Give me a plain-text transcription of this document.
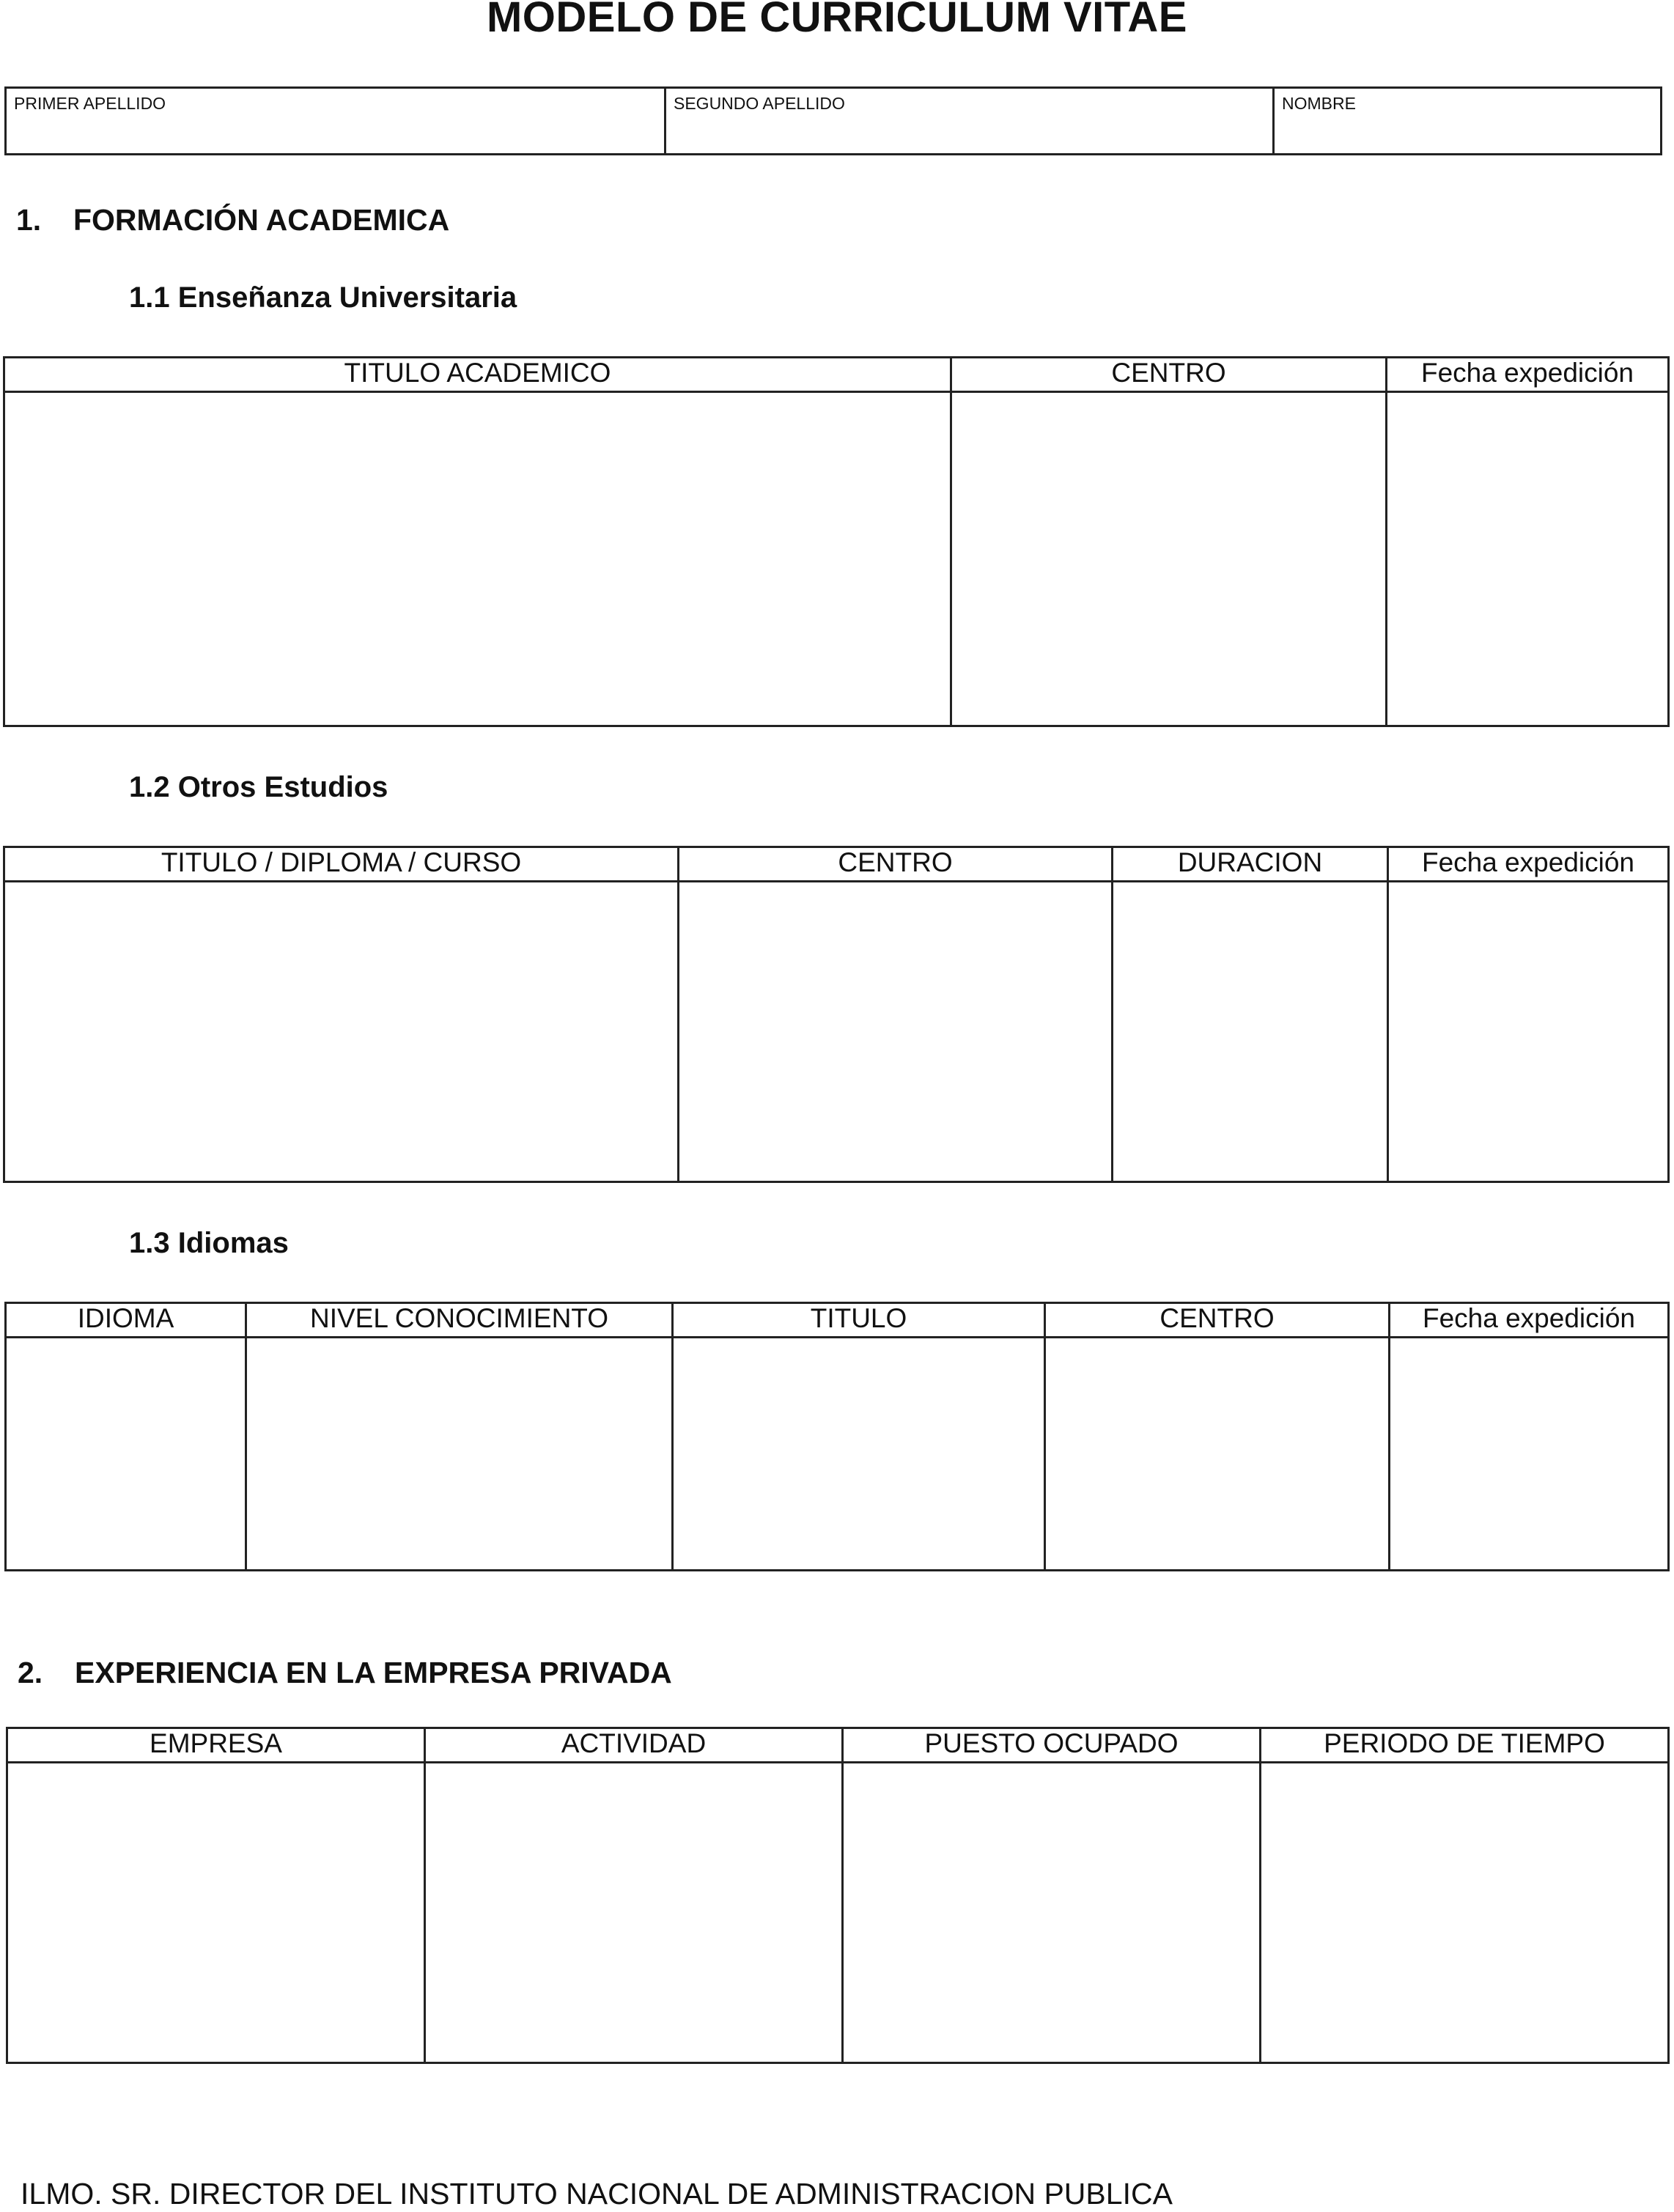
MODELO DE CURRICULUM VITAE
PRIMER APELLIDO	SEGUNDO APELLIDO	NOMBRE
1. FORMACIÓN ACADEMICA
1.1 Enseñanza Universitaria
TITULO ACADEMICO	CENTRO	Fecha expedición

1.2 Otros Estudios
TITULO / DIPLOMA / CURSO	CENTRO	DURACION	Fecha expedición

1.3 Idiomas
IDIOMA	NIVEL CONOCIMIENTO	TITULO	CENTRO	Fecha expedición

2. EXPERIENCIA EN LA EMPRESA PRIVADA
EMPRESA	ACTIVIDAD	PUESTO OCUPADO	PERIODO DE TIEMPO

ILMO. SR. DIRECTOR DEL INSTITUTO NACIONAL DE ADMINISTRACION PUBLICA
